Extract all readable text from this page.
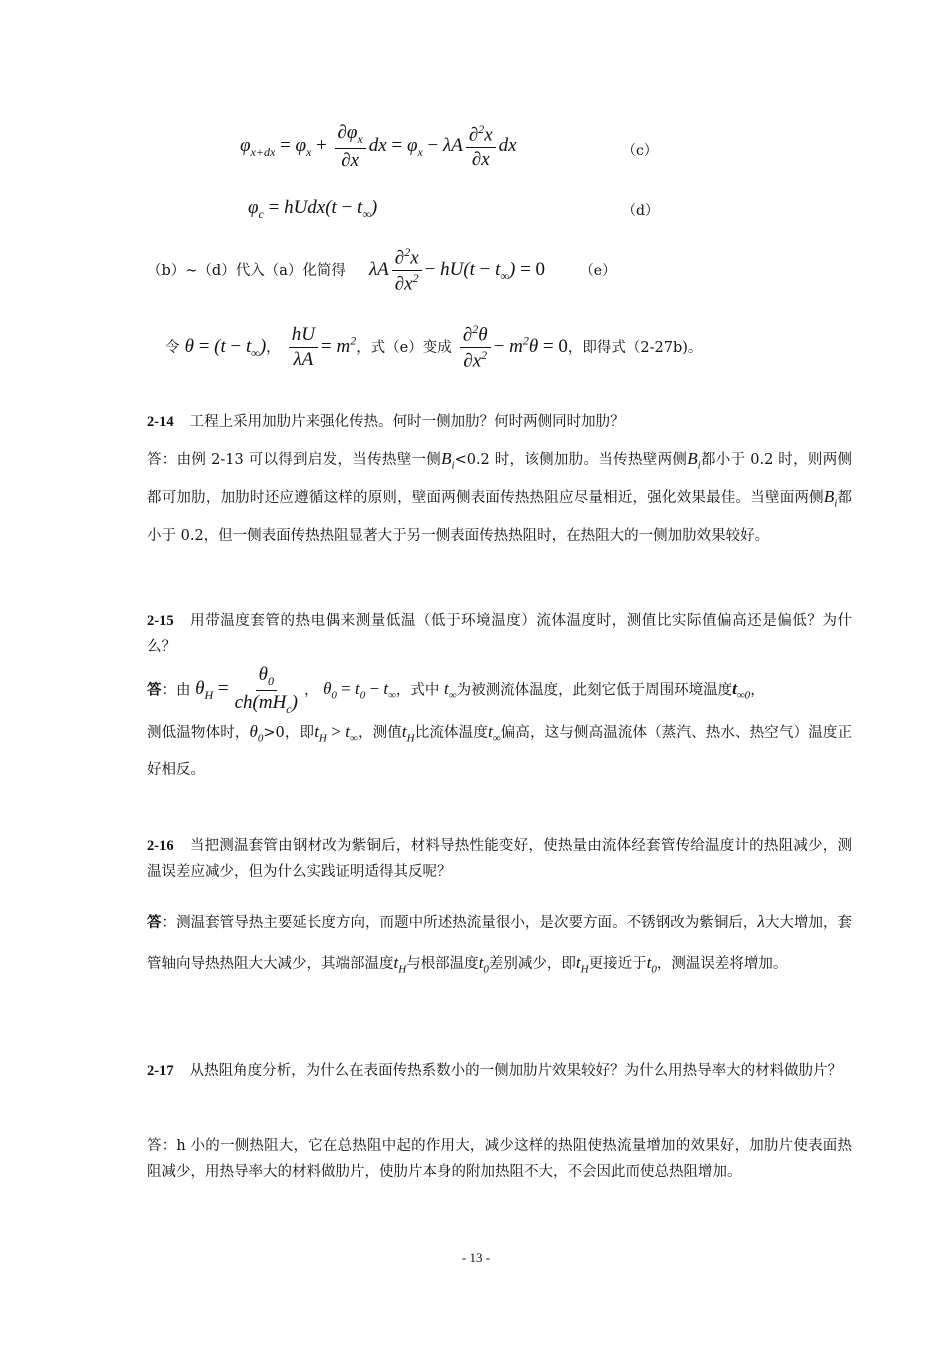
$\varphi_{x+dx} = \varphi_x + \frac{\partial\varphi_x}{\partial x}$ dx = $\varphi_x - \lambda A \frac{\partial^2x}{\partial x}$ dx	（c）
$\varphi_c$ = hUdx(t − $t_\infty$)	（d）
（b）~（d）代入（a）化简得 λA $\frac{\partial^2x}{\partial x^2} - hU(t - t_\infty) = 0$ （e）
令 $\theta = (t - t_\infty)$， $\frac{hU}{\lambda A} = m^2$，式（e）变成 $\frac{\partial^2\theta}{\partial x^2} - m^2\theta = 0$，即得式（2-27b)。
2-14 工程上采用加肋片来强化传热。何时一侧加肋？何时两侧同时加肋？
答：由例 2-13 可以得到启发，当传热壁一侧$B_i<0.2$ 时，该侧加肋。当传热壁两侧$B_i$都小于 0.2 时，则两侧都可加肋，加肋时还应遵循这样的原则，壁面两侧表面传热热阻应尽量相近，强化效果最佳。当壁面两侧$B_i$都小于 0.2，但一侧表面传热热阻显著大于另一侧表面传热热阻时，在热阻大的一侧加肋效果较好。
2-15 用带温度套管的热电偶来测量低温（低于环境温度）流体温度时，测值比实际值偏高还是偏低？为什么？
答：由 $\theta_H = \frac{\theta_0}{ch(mH_c)}$ ， $\theta_0 = t_0 - t_\infty$，式中 $t_\infty$为被测流体温度，此刻它低于周围环境温度$t_{\infty 0}$，
测低温物体时，$\theta_0>0$，即$t_H > t_\infty$，测值$t_H$比流体温度$t_\infty$偏高，这与侧高温流体（蒸汽、热水、热空气）温度正好相反。
2-16 当把测温套管由钢材改为紫铜后，材料导热性能变好，使热量由流体经套管传给温度计的热阻减少，测温误差应减少，但为什么实践证明适得其反呢？
答：测温套管导热主要延长度方向，而题中所述热流量很小，是次要方面。不锈钢改为紫铜后，λ大大增加，套管轴向导热热阻大大减少，其端部温度$t_H$与根部温度$t_0$差别减少，即$t_H$更接近于$t_0$，测温误差将增加。
2-17 从热阻角度分析，为什么在表面传热系数小的一侧加肋片效果较好？为什么用热导率大的材料做肋片？
答：h 小的一侧热阻大，它在总热阻中起的作用大，减少这样的热阻使热流量增加的效果好，加肋片使表面热阻减少，用热导率大的材料做肋片，使肋片本身的附加热阻不大，不会因此而使总热阻增加。
- 13 -
